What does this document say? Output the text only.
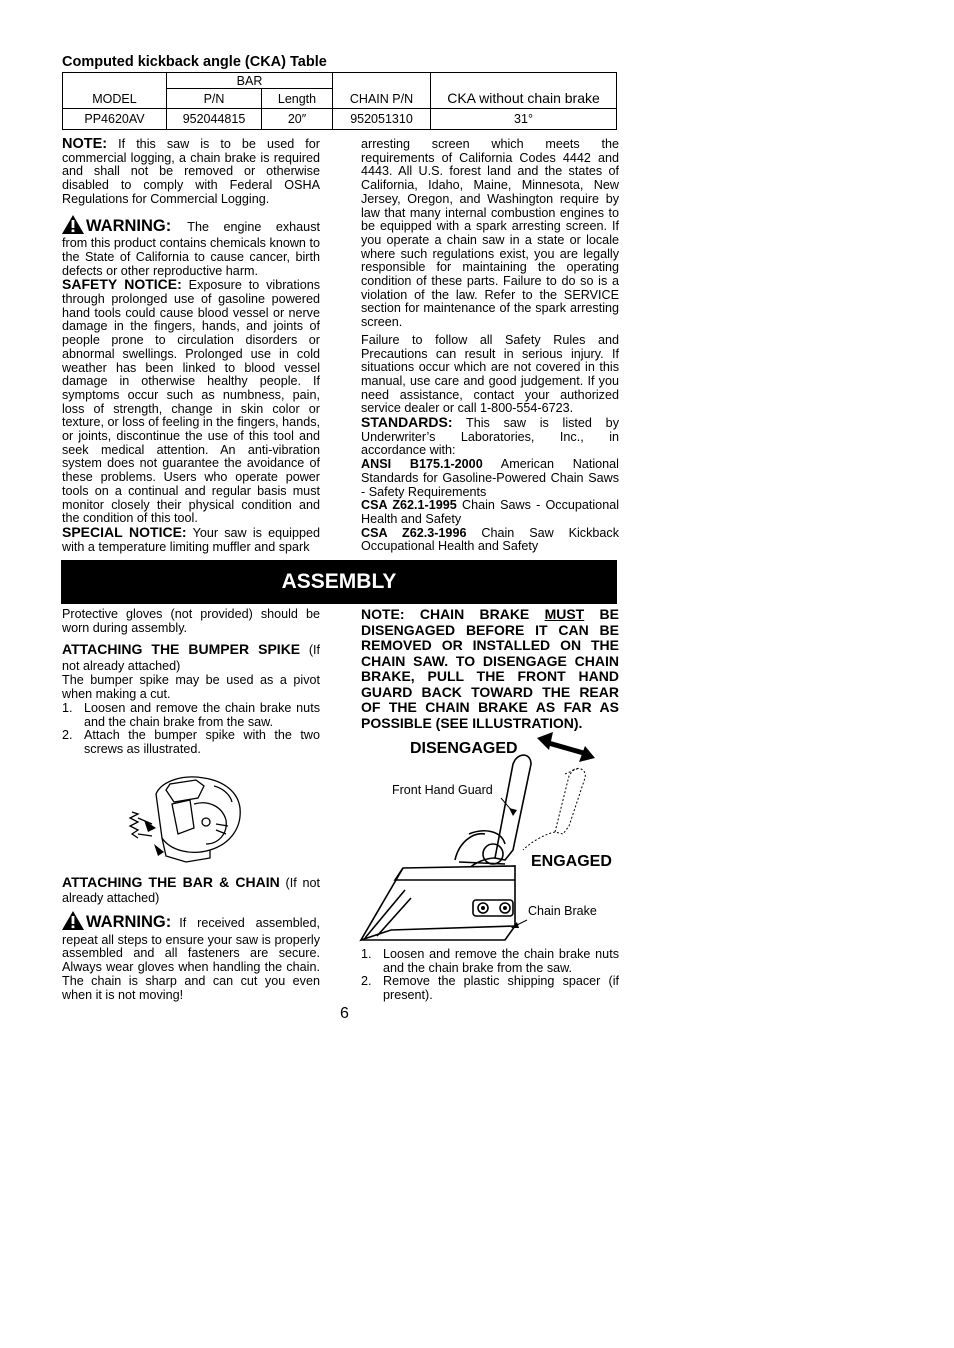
Computed kickback angle (CKA) Table
MODEL	BAR		CHAIN P/N	CKA without chain brake
	P/N	Length		
PP4620AV	952044815	20″	952051310	31°
NOTE: If this saw is to be used for commercial logging, a chain brake is required and shall not be removed or otherwise disabled to comply with Federal OSHA Regulations for Commercial Logging.
WARNING: The engine exhaust from this product contains chemicals known to the State of California to cause cancer, birth defects or other reproductive harm.
SAFETY NOTICE: Exposure to vibrations through prolonged use of gasoline powered hand tools could cause blood vessel or nerve damage in the fingers, hands, and joints of people prone to circulation disorders or abnormal swellings. Prolonged use in cold weather has been linked to blood vessel damage in otherwise healthy people. If symptoms occur such as numbness, pain, loss of strength, change in skin color or texture, or loss of feeling in the fingers, hands, or joints, discontinue the use of this tool and seek medical attention. An anti-vibration system does not guarantee the avoidance of these problems. Users who operate power tools on a continual and regular basis must monitor closely their physical condition and the condition of this tool.
SPECIAL NOTICE: Your saw is equipped with a temperature limiting muffler and spark
arresting screen which meets the requirements of California Codes 4442 and 4443. All U.S. forest land and the states of California, Idaho, Maine, Minnesota, New Jersey, Oregon, and Washington require by law that many internal combustion engines to be equipped with a spark arresting screen. If you operate a chain saw in a state or locale where such regulations exist, you are legally responsible for maintaining the operating condition of these parts. Failure to do so is a violation of the law. Refer to the SERVICE section for maintenance of the spark arresting screen.
Failure to follow all Safety Rules and Precautions can result in serious injury. If situations occur which are not covered in this manual, use care and good judgement. If you need assistance, contact your authorized service dealer or call 1-800-554-6723.
STANDARDS: This saw is listed by Underwriter’s Laboratories, Inc., in accordance with:
ANSI B175.1-2000 American National Standards for Gasoline-Powered Chain Saws - Safety Requirements
CSA Z62.1-1995 Chain Saws - Occupational Health and Safety
CSA Z62.3-1996 Chain Saw Kickback Occupational Health and Safety
ASSEMBLY
Protective gloves (not provided) should be worn during assembly.
ATTACHING THE BUMPER SPIKE (If not already attached)
The bumper spike may be used as a pivot when making a cut.
1. Loosen and remove the chain brake nuts and the chain brake from the saw.
2. Attach the bumper spike with the two screws as illustrated.
ATTACHING THE BAR & CHAIN (If not already attached)
WARNING: If received assembled, repeat all steps to ensure your saw is properly assembled and all fasteners are secure. Always wear gloves when handling the chain. The chain is sharp and can cut you even when it is not moving!
NOTE: CHAIN BRAKE MUST BE DISENGAGED BEFORE IT CAN BE REMOVED OR INSTALLED ON THE CHAIN SAW. TO DISENGAGE CHAIN BRAKE, PULL THE FRONT HAND GUARD BACK TOWARD THE REAR OF THE CHAIN BRAKE AS FAR AS POSSIBLE (SEE ILLUSTRATION).
DISENGAGED
Front Hand Guard
ENGAGED
Chain Brake
1. Loosen and remove the chain brake nuts and the chain brake from the saw.
2. Remove the plastic shipping spacer (if present).
6
